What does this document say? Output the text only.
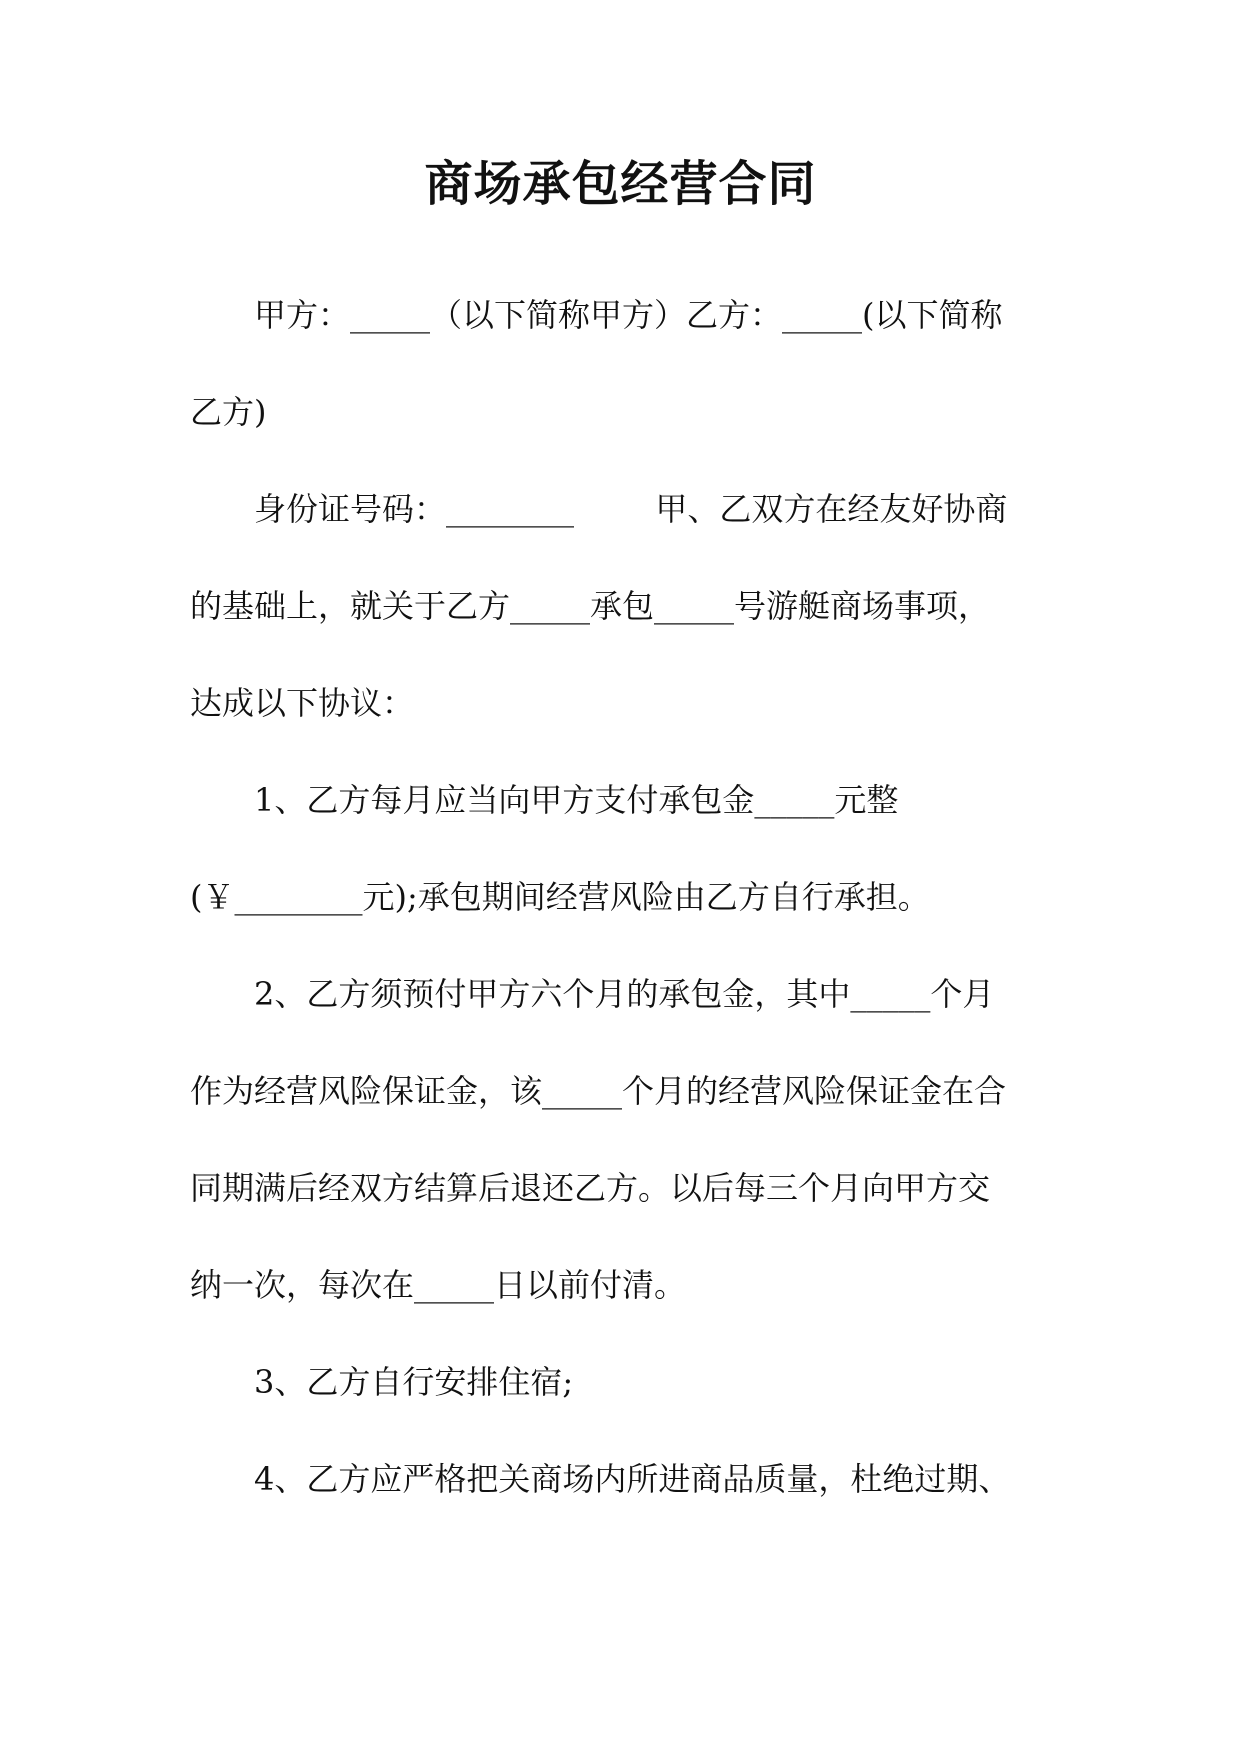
商场承包经营合同
甲方：_____（以下简称甲方）乙方：_____(以下简称
乙方)
身份证号码：________        甲、乙双方在经友好协商
的基础上，就关于乙方_____承包_____号游艇商场事项，
达成以下协议：
1、乙方每月应当向甲方支付承包金_____元整
(￥________元);承包期间经营风险由乙方自行承担。
2、乙方须预付甲方六个月的承包金，其中_____个月
作为经营风险保证金，该_____个月的经营风险保证金在合
同期满后经双方结算后退还乙方。以后每三个月向甲方交
纳一次，每次在_____日以前付清。
3、乙方自行安排住宿;
4、乙方应严格把关商场内所进商品质量，杜绝过期、
